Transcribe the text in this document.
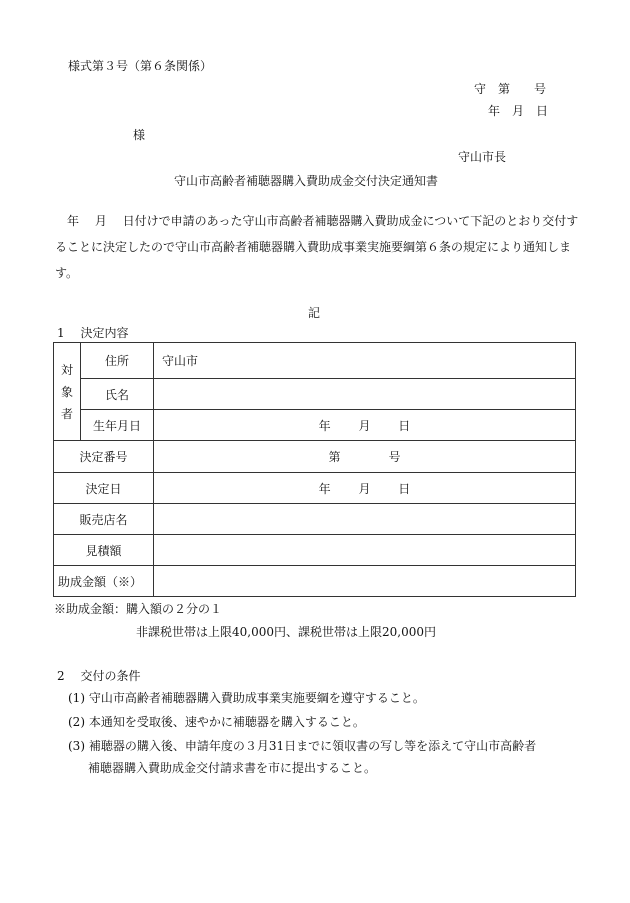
様式第３号（第６条関係）
守　第　　号
年　月　日
様
守山市長
守山市高齢者補聴器購入費助成金交付決定通知書
年　 月　 日付けで申請のあった守山市高齢者補聴器購入費助成金について下記のとおり交付することに決定したので守山市高齢者補聴器購入費助成事業実施要綱第６条の規定により通知します。
記
1　 決定内容
対
象
者	住所	守山市
	氏名	
	生年月日	年　　 月　　 日
決定番号		第　　　　号
決定日		年　　 月　　 日
販売店名		
見積額		
助成金額（※）		
※助成金額：購入額の２分の１
非課税世帯は上限40,000円、課税世帯は上限20,000円
2　 交付の条件
(1) 守山市高齢者補聴器購入費助成事業実施要綱を遵守すること。
(2) 本通知を受取後、速やかに補聴器を購入すること。
(3) 補聴器の購入後、申請年度の３月31日までに領収書の写し等を添えて守山市高齢者
補聴器購入費助成金交付請求書を市に提出すること。
